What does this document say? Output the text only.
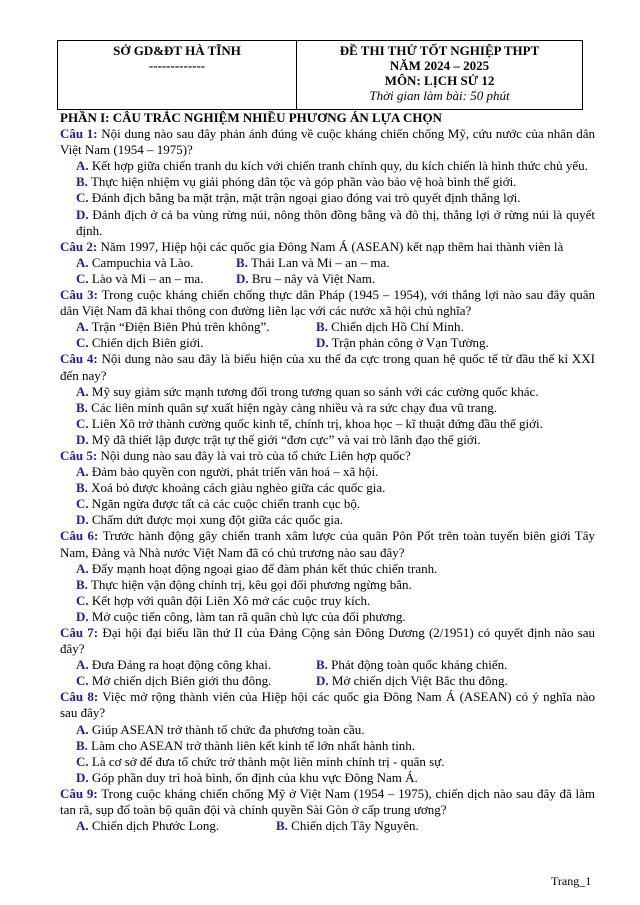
SỞ GD&ĐT HÀ TĨNH
-------------

ĐỀ THI THỬ TỐT NGHIỆP THPT
NĂM 2024 – 2025
MÔN: LỊCH SỬ 12
Thời gian làm bài: 50 phút
PHẦN I: CÂU TRẮC NGHIỆM NHIỀU PHƯƠNG ÁN LỰA CHỌN
Câu 1: Nội dung nào sau đây phản ánh đúng về cuộc kháng chiến chống Mỹ, cứu nước của nhân dân Việt Nam (1954 – 1975)?
A. Kết hợp giữa chiến tranh du kích với chiến tranh chính quy, du kích chiến là hình thức chủ yếu.
B. Thực hiện nhiệm vụ giải phóng dân tộc và góp phần vào bảo vệ hoà bình thế giới.
C. Đánh địch bằng ba mặt trận, mặt trận ngoại giao đóng vai trò quyết định thắng lợi.
D. Đánh địch ở cả ba vùng rừng núi, nông thôn đồng bằng và đô thị, thắng lợi ở rừng núi là quyết định.
Câu 2: Năm 1997, Hiệp hội các quốc gia Đông Nam Á (ASEAN) kết nạp thêm hai thành viên là
A. Campuchia và Lào.	B. Thái Lan và Mi – an – ma.
C. Lào và Mi – an – ma.	D. Bru – nây và Việt Nam.
Câu 3: Trong cuộc kháng chiến chống thực dân Pháp (1945 – 1954), với thắng lợi nào sau đây quân dân Việt Nam đã khai thông con đường liên lạc với các nước xã hội chủ nghĩa?
A. Trận “Điện Biên Phủ trên không”.	B. Chiến dịch Hồ Chí Minh.
C. Chiến dịch Biên giới.	D. Trận phản công ở Vạn Tường.
Câu 4: Nội dung nào sau đây là biểu hiện của xu thế đa cực trong quan hệ quốc tế từ đầu thế kỉ XXI đến nay?
A. Mỹ suy giảm sức mạnh tương đối trong tương quan so sánh với các cường quốc khác.
B. Các liên minh quân sự xuất hiện ngày càng nhiều và ra sức chạy đua vũ trang.
C. Liên Xô trở thành cường quốc kinh tế, chính trị, khoa học – kĩ thuật đứng đầu thế giới.
D. Mỹ đã thiết lập được trật tự thế giới “đơn cực” và vai trò lãnh đạo thế giới.
Câu 5: Nội dung nào sau đây là vai trò của tổ chức Liên hợp quốc?
A. Đảm bảo quyền con người, phát triển văn hoá – xã hội.
B. Xoá bỏ được khoảng cách giàu nghèo giữa các quốc gia.
C. Ngăn ngừa được tất cả các cuộc chiến tranh cục bộ.
D. Chấm dứt được mọi xung đột giữa các quốc gia.
Câu 6: Trước hành động gây chiến tranh xâm lược của quân Pôn Pốt trên toàn tuyến biên giới Tây Nam, Đảng và Nhà nước Việt Nam đã có chủ trương nào sau đây?
A. Đẩy mạnh hoạt động ngoại giao để đàm phán kết thúc chiến tranh.
B. Thực hiện vận động chính trị, kêu gọi đối phương ngừng bắn.
C. Kết hợp với quân đội Liên Xô mở các cuộc truy kích.
D. Mở cuộc tiến công, làm tan rã quân chủ lực của đối phương.
Câu 7: Đại hội đại biểu lần thứ II của Đảng Cộng sản Đông Dương (2/1951) có quyết định nào sau đây?
A. Đưa Đảng ra hoạt động công khai.	B. Phát động toàn quốc kháng chiến.
C. Mở chiến dịch Biên giới thu đông.	D. Mở chiến dịch Việt Bắc thu đông.
Câu 8: Việc mở rộng thành viên của Hiệp hội các quốc gia Đông Nam Á (ASEAN) có ý nghĩa nào sau đây?
A. Giúp ASEAN trở thành tổ chức đa phương toàn cầu.
B. Làm cho ASEAN trở thành liên kết kinh tế lớn nhất hành tinh.
C. Là cơ sở để đưa tổ chức trở thành một liên minh chính trị - quân sự.
D. Góp phần duy trì hoà bình, ổn định của khu vực Đông Nam Á.
Câu 9: Trong cuộc kháng chiến chống Mỹ ở Việt Nam (1954 – 1975), chiến dịch nào sau đây đã làm tan rã, sụp đổ toàn bộ quân đội và chính quyền Sài Gòn ở cấp trung ương?
A. Chiến dịch Phước Long.	B. Chiến dịch Tây Nguyên.
Trang_1
